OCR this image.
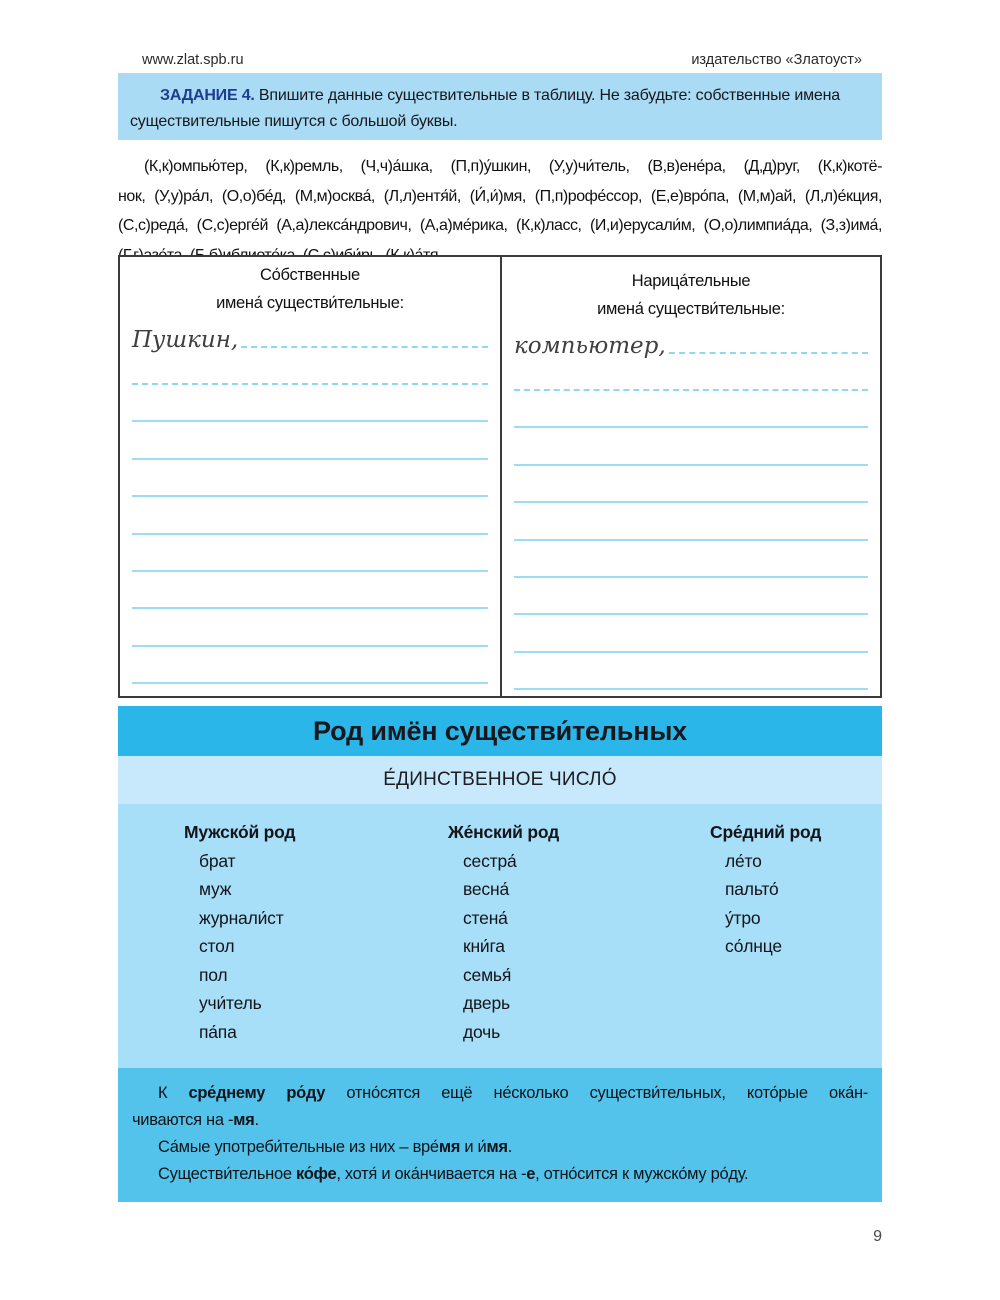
www.zlat.spb.ru	издательство «Златоуст»

ЗАДАНИЕ 4. Впишите данные существительные в таблицу. Не забудьте: собственные имена существительные пишутся с большой буквы.

(К,к)омпью́тер, (К,к)ремль, (Ч,ч)а́шка, (П,п)у́шкин, (У,у)чи́тель, (В,в)ене́ра, (Д,д)руг, (К,к)котё-
нок, (У,у)ра́л, (О,о)бе́д, (М,м)осква́, (Л,л)ентя́й, (И́,и́)мя, (П,п)рофе́ссор, (Е,е)вро́па, (М,м)ай, (Л,л)е́кция,
(С,с)реда́, (С,с)ерге́й (А,а)лекса́ндрович, (А,а)ме́рика, (К,к)ласс, (И,и)ерусали́м, (О,о)лимпиа́да, (З,з)има́,
Со́бственные
имена́ существи́тельные:
Пушкин,
Нарица́тельные
имена́ существи́тельные:
компьютер,
Род имён существи́тельных
Е́ДИНСТВЕННОЕ ЧИСЛО́
Мужско́й род
брат
муж
журнали́ст
стол
пол
учи́тель
па́па
Же́нский род
сестра́
весна́
стена́
кни́га
семья́
дверь
дочь
Сре́дний род
ле́то
пальто́
у́тро
со́лнце

К сре́днему ро́ду отно́сятся ещё не́сколько существи́тельных, кото́рые ока́н-

чиваются на -мя.

Са́мые употреби́тельные из них – вре́мя и и́мя.

Существи́тельное ко́фе, хотя́ и ока́нчивается на -е, отно́сится к мужско́му ро́ду.

9
